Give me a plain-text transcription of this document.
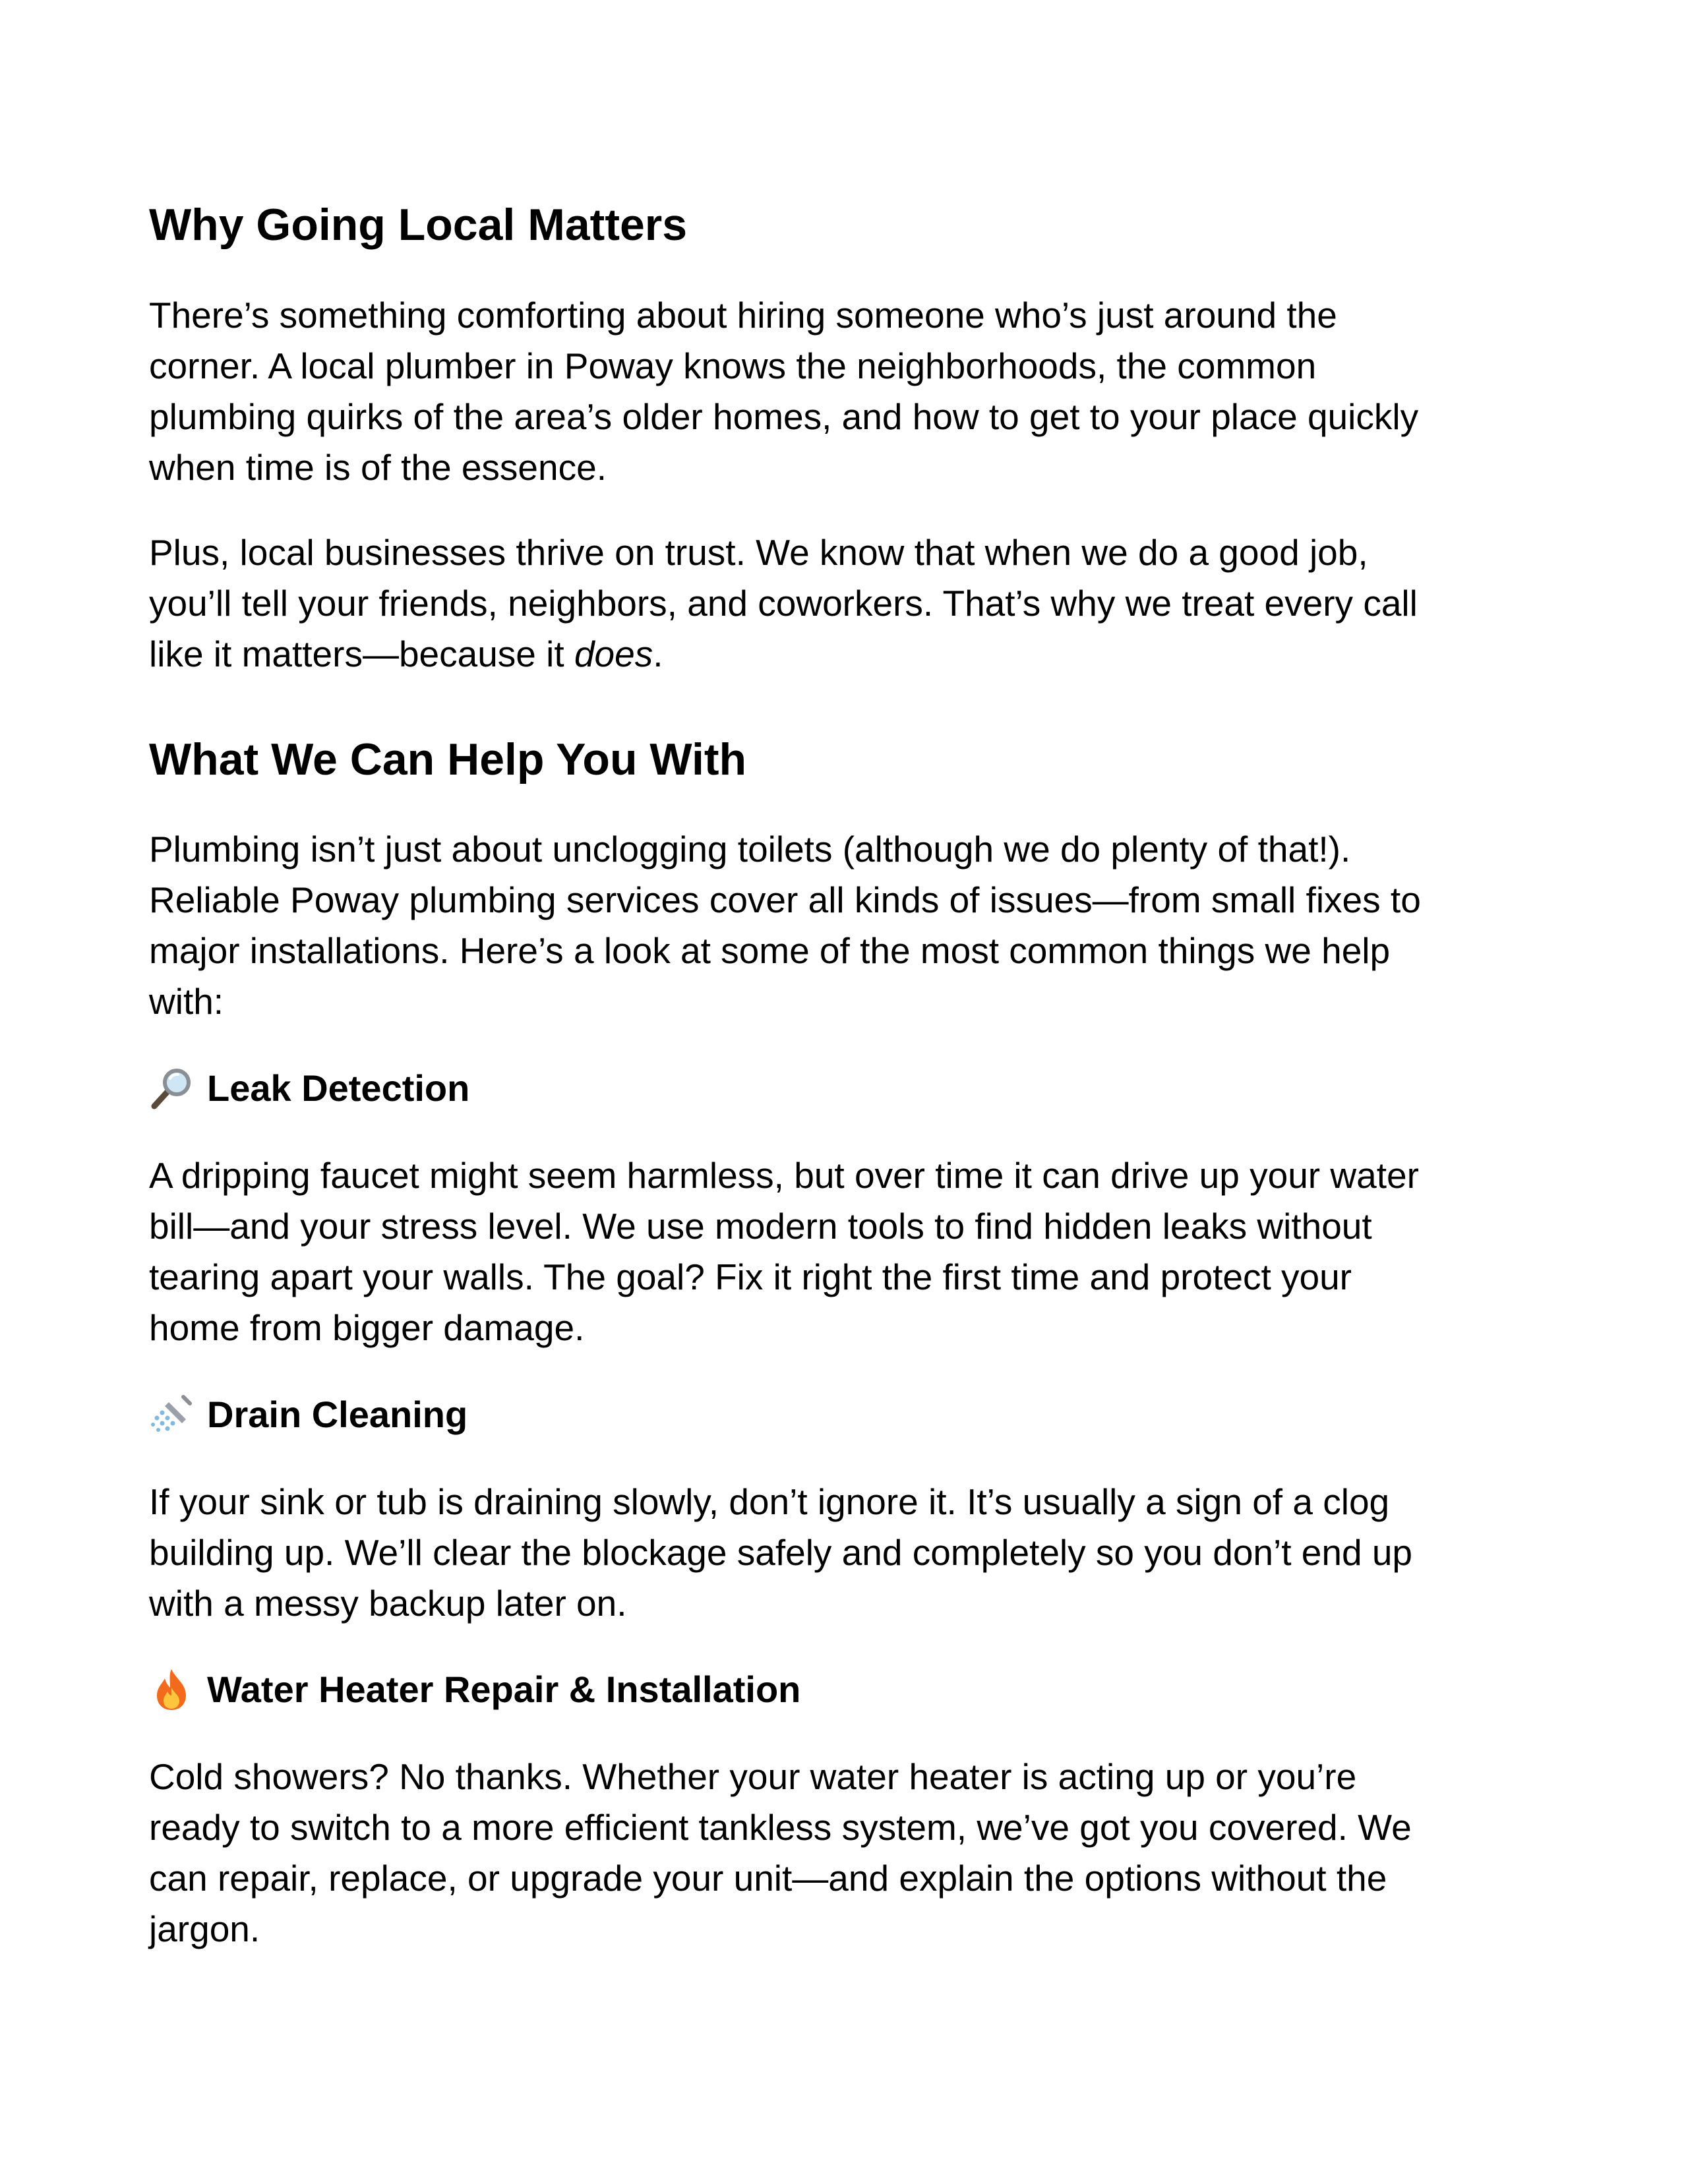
Why Going Local Matters

There’s something comforting about hiring someone who’s just around the
corner. A local plumber in Poway knows the neighborhoods, the common
plumbing quirks of the area’s older homes, and how to get to your place quickly
when time is of the essence.

Plus, local businesses thrive on trust. We know that when we do a good job,
you’ll tell your friends, neighbors, and coworkers. That’s why we treat every call
like it matters—because it does.

What We Can Help You With

Plumbing isn’t just about unclogging toilets (although we do plenty of that!).
Reliable Poway plumbing services cover all kinds of issues—from small fixes to
major installations. Here’s a look at some of the most common things we help
with:

Leak Detection

A dripping faucet might seem harmless, but over time it can drive up your water
bill—and your stress level. We use modern tools to find hidden leaks without
tearing apart your walls. The goal? Fix it right the first time and protect your
home from bigger damage.

Drain Cleaning

If your sink or tub is draining slowly, don’t ignore it. It’s usually a sign of a clog
building up. We’ll clear the blockage safely and completely so you don’t end up
with a messy backup later on.

Water Heater Repair & Installation

Cold showers? No thanks. Whether your water heater is acting up or you’re
ready to switch to a more efficient tankless system, we’ve got you covered. We
can repair, replace, or upgrade your unit—and explain the options without the
jargon.
